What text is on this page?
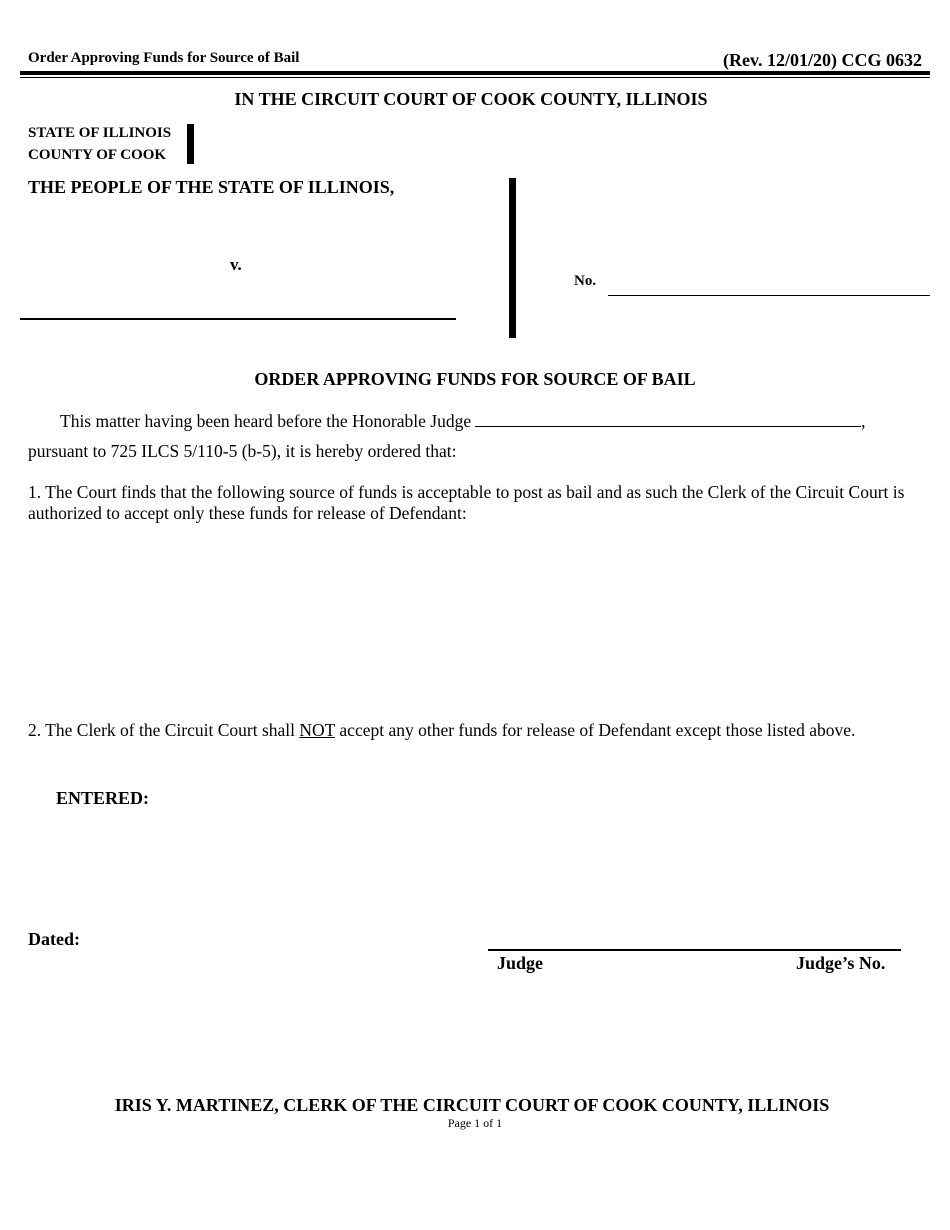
Order Approving Funds for Source of Bail	(Rev. 12/01/20) CCG 0632
IN THE CIRCUIT COURT OF COOK COUNTY, ILLINOIS
STATE OF ILLINOIS
COUNTY OF COOK
THE PEOPLE OF THE STATE OF ILLINOIS,
v.
No.
ORDER APPROVING FUNDS FOR SOURCE OF BAIL
This matter having been heard before the Honorable Judge	,
pursuant to 725 ILCS 5/110-5 (b-5), it is hereby ordered that:
1. The Court finds that the following source of funds is acceptable to post as bail and as such the Clerk of the Circuit Court is authorized to accept only these funds for release of Defendant:
2. The Clerk of the Circuit Court shall NOT accept any other funds for release of Defendant except those listed above.
ENTERED:
Dated:
Judge	Judge’s No.
IRIS Y. MARTINEZ, CLERK OF THE CIRCUIT COURT OF COOK COUNTY, ILLINOIS
Page 1 of 1
